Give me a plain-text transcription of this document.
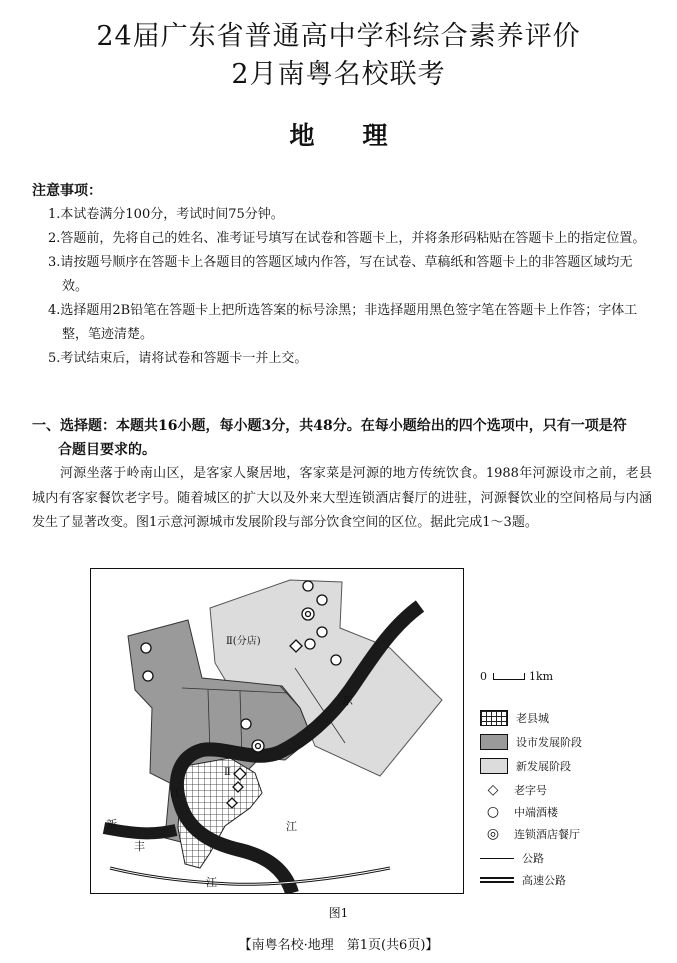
24届广东省普通高中学科综合素养评价
2月南粤名校联考
地理
注意事项：
1.本试卷满分100分，考试时间75分钟。
2.答题前，先将自己的姓名、准考证号填写在试卷和答题卡上，并将条形码粘贴在答题卡上的指定位置。
3.请按题号顺序在答题卡上各题目的答题区域内作答，写在试卷、草稿纸和答题卡上的非答题区域均无效。
4.选择题用2B铅笔在答题卡上把所选答案的标号涂黑；非选择题用黑色签字笔在答题卡上作答；字体工整，笔迹清楚。
5.考试结束后，请将试卷和答题卡一并上交。
一、选择题：本题共16小题，每小题3分，共48分。在每小题给出的四个选项中，只有一项是符
合题目要求的。
河源坐落于岭南山区，是客家人聚居地，客家菜是河源的地方传统饮食。1988年河源设市之前，老县城内有客家餐饮老字号。随着城区的扩大以及外来大型连锁酒店餐厅的进驻，河源餐饮业的空间格局与内涵发生了显著改变。图1示意河源城市发展阶段与部分饮食空间的区位。据此完成1～3题。
Ⅱ(分店)
Ⅱ
东
江
新
丰
江
江
0	1km
老县城
设市发展阶段
新发展阶段
◇	老字号
○	中端酒楼
◎	连锁酒店餐厅
公路
高速公路
图1
【南粤名校·地理　第1页(共6页)】
